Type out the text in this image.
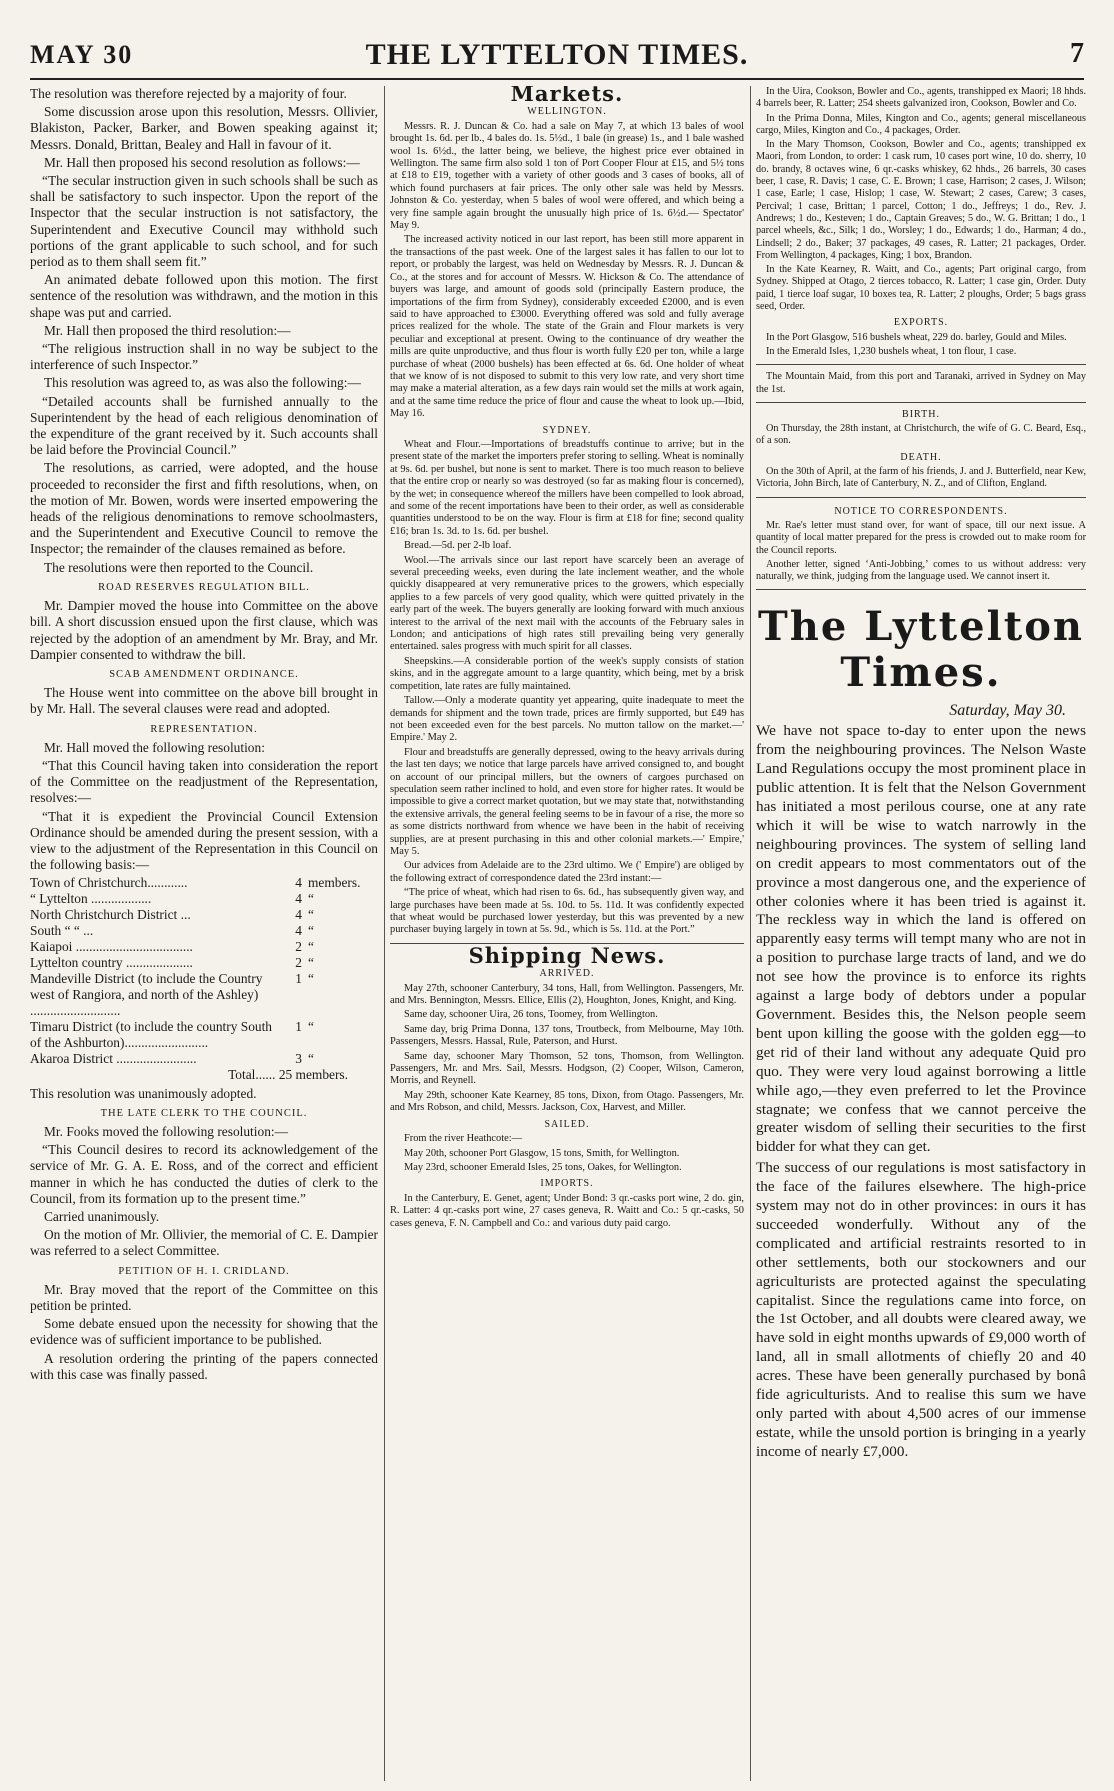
MAY 30	THE LYTTELTON TIMES.	7

The resolution was therefore rejected by a majority of four.

Some discussion arose upon this resolution, Messrs. Ollivier, Blakiston, Packer, Barker, and Bowen speaking against it; Messrs. Donald, Brittan, Bealey and Hall in favour of it.

Mr. Hall then proposed his second resolution as follows:—

“The secular instruction given in such schools shall be such as shall be satisfactory to such inspector. Upon the report of the Inspector that the secular instruction is not satisfactory, the Superintendent and Executive Council may withhold such portions of the grant applicable to such school, and for such period as to them shall seem fit.”

An animated debate followed upon this motion. The first sentence of the resolution was withdrawn, and the motion in this shape was put and carried.

Mr. Hall then proposed the third resolution:—

“The religious instruction shall in no way be subject to the interference of such Inspector.”

This resolution was agreed to, as was also the following:—

“Detailed accounts shall be furnished annually to the Superintendent by the head of each religious denomination of the expenditure of the grant received by it. Such accounts shall be laid before the Provincial Council.”

The resolutions, as carried, were adopted, and the house proceeded to reconsider the first and fifth resolutions, when, on the motion of Mr. Bowen, words were inserted empowering the heads of the religious denominations to remove schoolmasters, and the Superintendent and Executive Council to remove the Inspector; the remainder of the clauses remained as before.

The resolutions were then reported to the Council.

ROAD RESERVES REGULATION BILL.

Mr. Dampier moved the house into Committee on the above bill. A short discussion ensued upon the first clause, which was rejected by the adoption of an amendment by Mr. Bray, and Mr. Dampier consented to withdraw the bill.

SCAB AMENDMENT ORDINANCE.

The House went into committee on the above bill brought in by Mr. Hall. The several clauses were read and adopted.

REPRESENTATION.

Mr. Hall moved the following resolution:

“That this Council having taken into consideration the report of the Committee on the readjustment of the Representation, resolves:—

“That it is expedient the Provincial Council Extension Ordinance should be amended during the present session, with a view to the adjustment of the Representation in this Council on the following basis:—

Town of Christchurch............	4	members.
“ Lyttelton ..................	4	“
North Christchurch District ...	4	“
South “ “ ...	4	“
Kaiapoi ...................................	2	“
Lyttelton country ....................	2	“
Mandeville District (to include the Country west of Rangiora, and north of the Ashley) ...........................	1	“
Timaru District (to include the country South of the Ashburton).........................	1	“
Akaroa District ........................	3	“

Total...... 25 members.

This resolution was unanimously adopted.

THE LATE CLERK TO THE COUNCIL.

Mr. Fooks moved the following resolution:—

“This Council desires to record its acknowledgement of the service of Mr. G. A. E. Ross, and of the correct and efficient manner in which he has conducted the duties of clerk to the Council, from its formation up to the present time.”

Carried unanimously.

On the motion of Mr. Ollivier, the memorial of C. E. Dampier was referred to a select Committee.

PETITION OF H. I. CRIDLAND.

Mr. Bray moved that the report of the Committee on this petition be printed.

Some debate ensued upon the necessity for showing that the evidence was of sufficient importance to be published.

A resolution ordering the printing of the papers connected with this case was finally passed.

Markets.
WELLINGTON.

Messrs. R. J. Duncan & Co. had a sale on May 7, at which 13 bales of wool brought 1s. 6d. per lb., 4 bales do. 1s. 5½d., 1 bale (in grease) 1s., and 1 bale washed wool 1s. 6½d., the latter being, we believe, the highest price ever obtained in Wellington. The same firm also sold 1 ton of Port Cooper Flour at £15, and 5½ tons at £18 to £19, together with a variety of other goods and 3 cases of books, all of which found purchasers at fair prices. The only other sale was held by Messrs. Johnston & Co. yesterday, when 5 bales of wool were offered, and which being a very fine sample again brought the unusually high price of 1s. 6½d.— Spectator' May 9.

The increased activity noticed in our last report, has been still more apparent in the transactions of the past week. One of the largest sales it has fallen to our lot to report, or probably the largest, was held on Wednesday by Messrs. R. J. Duncan & Co., at the stores and for account of Messrs. W. Hickson & Co. The attendance of buyers was large, and amount of goods sold (principally Eastern produce, the importations of the firm from Sydney), considerably exceeded £2000, and is even said to have approached to £3000. Everything offered was sold and fully average prices realized for the whole. The state of the Grain and Flour markets is very peculiar and exceptional at present. Owing to the continuance of dry weather the mills are quite unproductive, and thus flour is worth fully £20 per ton, while a large purchase of wheat (2000 bushels) has been effected at 6s. 6d. One holder of wheat that we know of is not disposed to submit to this very low rate, and very short time may make a material alteration, as a few days rain would set the mills at work again, and at the same time reduce the price of flour and cause the wheat to look up.—Ibid, May 16.

SYDNEY.

Wheat and Flour.—Importations of breadstuffs continue to arrive; but in the present state of the market the importers prefer storing to selling. Wheat is nominally at 9s. 6d. per bushel, but none is sent to market. There is too much reason to believe that the entire crop or nearly so was destroyed (so far as making flour is concerned), by the wet; in consequence whereof the millers have been compelled to look abroad, and some of the recent importations have been to their order, as well as considerable quantities understood to be on the way. Flour is firm at £18 for fine; second quality £16; bran 1s. 3d. to 1s. 6d. per bushel.

Bread.—5d. per 2-lb loaf.

Wool.—The arrivals since our last report have scarcely been an average of several preceeding weeks, even during the late inclement weather, and the whole quickly disappeared at very remunerative prices to the growers, which especially applies to a few parcels of very good quality, which were quitted privately in the early part of the week. The buyers generally are looking forward with much anxious interest to the arrival of the next mail with the accounts of the February sales in London; and anticipations of high rates still prevailing being very generally entertained. sales progress with much spirit for all classes.

Sheepskins.—A considerable portion of the week's supply consists of station skins, and in the aggregate amount to a large quantity, which being, met by a brisk competition, late rates are fully maintained.

Tallow.—Only a moderate quantity yet appearing, quite inadequate to meet the demands for shipment and the town trade, prices are firmly supported, but £49 has not been exceeded even for the best parcels. No mutton tallow on the market.—' Empire.' May 2.

Flour and breadstuffs are generally depressed, owing to the heavy arrivals during the last ten days; we notice that large parcels have arrived consigned to, and bought on account of our principal millers, but the owners of cargoes purchased on speculation seem rather inclined to hold, and even store for higher rates. It would be impossible to give a correct market quotation, but we may state that, notwithstanding the extensive arrivals, the general feeling seems to be in favour of a rise, the more so as some districts northward from whence we have been in the habit of receiving supplies, are at present purchasing in this and other colonial markets.—' Empire,' May 5.

Our advices from Adelaide are to the 23rd ultimo. We (' Empire') are obliged by the following extract of correspondence dated the 23rd instant:—

“The price of wheat, which had risen to 6s. 6d., has subsequently given way, and large purchases have been made at 5s. 10d. to 5s. 11d. It was confidently expected that wheat would be purchased lower yesterday, but this was prevented by a new purchaser buying largely in town at 5s. 9d., which is 5s. 11d. at the Port.”

Shipping News.
ARRIVED.

May 27th, schooner Canterbury, 34 tons, Hall, from Wellington. Passengers, Mr. and Mrs. Bennington, Messrs. Ellice, Ellis (2), Houghton, Jones, Knight, and King.

Same day, schooner Uira, 26 tons, Toomey, from Wellington.

Same day, brig Prima Donna, 137 tons, Troutbeck, from Melbourne, May 10th. Passengers, Messrs. Hassal, Rule, Paterson, and Hurst.

Same day, schooner Mary Thomson, 52 tons, Thomson, from Wellington. Passengers, Mr. and Mrs. Sail, Messrs. Hodgson, (2) Cooper, Wilson, Cameron, Morris, and Reynell.

May 29th, schooner Kate Kearney, 85 tons, Dixon, from Otago. Passengers, Mr. and Mrs Robson, and child, Messrs. Jackson, Cox, Harvest, and Miller.

SAILED.

From the river Heathcote:—

May 20th, schooner Port Glasgow, 15 tons, Smith, for Wellington.

May 23rd, schooner Emerald Isles, 25 tons, Oakes, for Wellington.

IMPORTS.

In the Canterbury, E. Genet, agent; Under Bond: 3 qr.-casks port wine, 2 do. gin, R. Latter: 4 qr.-casks port wine, 27 cases geneva, R. Waitt and Co.: 5 qr.-casks, 50 cases geneva, F. N. Campbell and Co.: and various duty paid cargo.

In the Uira, Cookson, Bowler and Co., agents, transhipped ex Maori; 18 hhds. 4 barrels beer, R. Latter; 254 sheets galvanized iron, Cookson, Bowler and Co.

In the Prima Donna, Miles, Kington and Co., agents; general miscellaneous cargo, Miles, Kington and Co., 4 packages, Order.

In the Mary Thomson, Cookson, Bowler and Co., agents; transhipped ex Maori, from London, to order: 1 cask rum, 10 cases port wine, 10 do. sherry, 10 do. brandy, 8 octaves wine, 6 qr.-casks whiskey, 62 hhds., 26 barrels, 30 cases beer, 1 case, R. Davis; 1 case, C. E. Brown; 1 case, Harrison; 2 cases, J. Wilson; 1 case, Earle; 1 case, Hislop; 1 case, W. Stewart; 2 cases, Carew; 3 cases, Percival; 1 case, Brittan; 1 parcel, Cotton; 1 do., Jeffreys; 1 do., Rev. J. Andrews; 1 do., Kesteven; 1 do., Captain Greaves; 5 do., W. G. Brittan; 1 do., 1 parcel wheels, &c., Silk; 1 do., Worsley; 1 do., Edwards; 1 do., Harman; 4 do., Lindsell; 2 do., Baker; 37 packages, 49 cases, R. Latter; 21 packages, Order. From Wellington, 4 packages, King; 1 box, Brandon.

In the Kate Kearney, R. Waitt, and Co., agents; Part original cargo, from Sydney. Shipped at Otago, 2 tierces tobacco, R. Latter; 1 case gin, Order. Duty paid, 1 tierce loaf sugar, 10 boxes tea, R. Latter; 2 ploughs, Order; 5 bags grass seed, Order.

EXPORTS.

In the Port Glasgow, 516 bushels wheat, 229 do. barley, Gould and Miles.

In the Emerald Isles, 1,230 bushels wheat, 1 ton flour, 1 case.

The Mountain Maid, from this port and Taranaki, arrived in Sydney on May the 1st.

BIRTH.

On Thursday, the 28th instant, at Christchurch, the wife of G. C. Beard, Esq., of a son.

DEATH.

On the 30th of April, at the farm of his friends, J. and J. Butterfield, near Kew, Victoria, John Birch, late of Canterbury, N. Z., and of Clifton, England.

NOTICE TO CORRESPONDENTS.

Mr. Rae's letter must stand over, for want of space, till our next issue. A quantity of local matter prepared for the press is crowded out to make room for the Council reports.

Another letter, signed ‘Anti-Jobbing,’ comes to us without address: very naturally, we think, judging from the language used. We cannot insert it.

The Lyttelton Times.
Saturday, May 30.

We have not space to-day to enter upon the news from the neighbouring provinces. The Nelson Waste Land Regulations occupy the most prominent place in public attention. It is felt that the Nelson Government has initiated a most perilous course, one at any rate which it will be wise to watch narrowly in the neighbouring provinces. The system of selling land on credit appears to most commentators out of the province a most dangerous one, and the experience of other colonies where it has been tried is against it. The reckless way in which the land is offered on apparently easy terms will tempt many who are not in a position to purchase large tracts of land, and we do not see how the province is to enforce its rights against a large body of debtors under a popular Government. Besides this, the Nelson people seem bent upon killing the goose with the golden egg—to get rid of their land without any adequate Quid pro quo. They were very loud against borrowing a little while ago,—they even preferred to let the Province stagnate; we confess that we cannot perceive the greater wisdom of selling their securities to the first bidder for what they can get.

The success of our regulations is most satisfactory in the face of the failures elsewhere. The high-price system may not do in other provinces: in ours it has succeeded wonderfully. Without any of the complicated and artificial restraints resorted to in other settlements, both our stockowners and our agriculturists are protected against the speculating capitalist. Since the regulations came into force, on the 1st October, and all doubts were cleared away, we have sold in eight months upwards of £9,000 worth of land, all in small allotments of chiefly 20 and 40 acres. These have been generally purchased by bonâ fide agriculturists. And to realise this sum we have only parted with about 4,500 acres of our immense estate, while the unsold portion is bringing in a yearly income of nearly £7,000.
